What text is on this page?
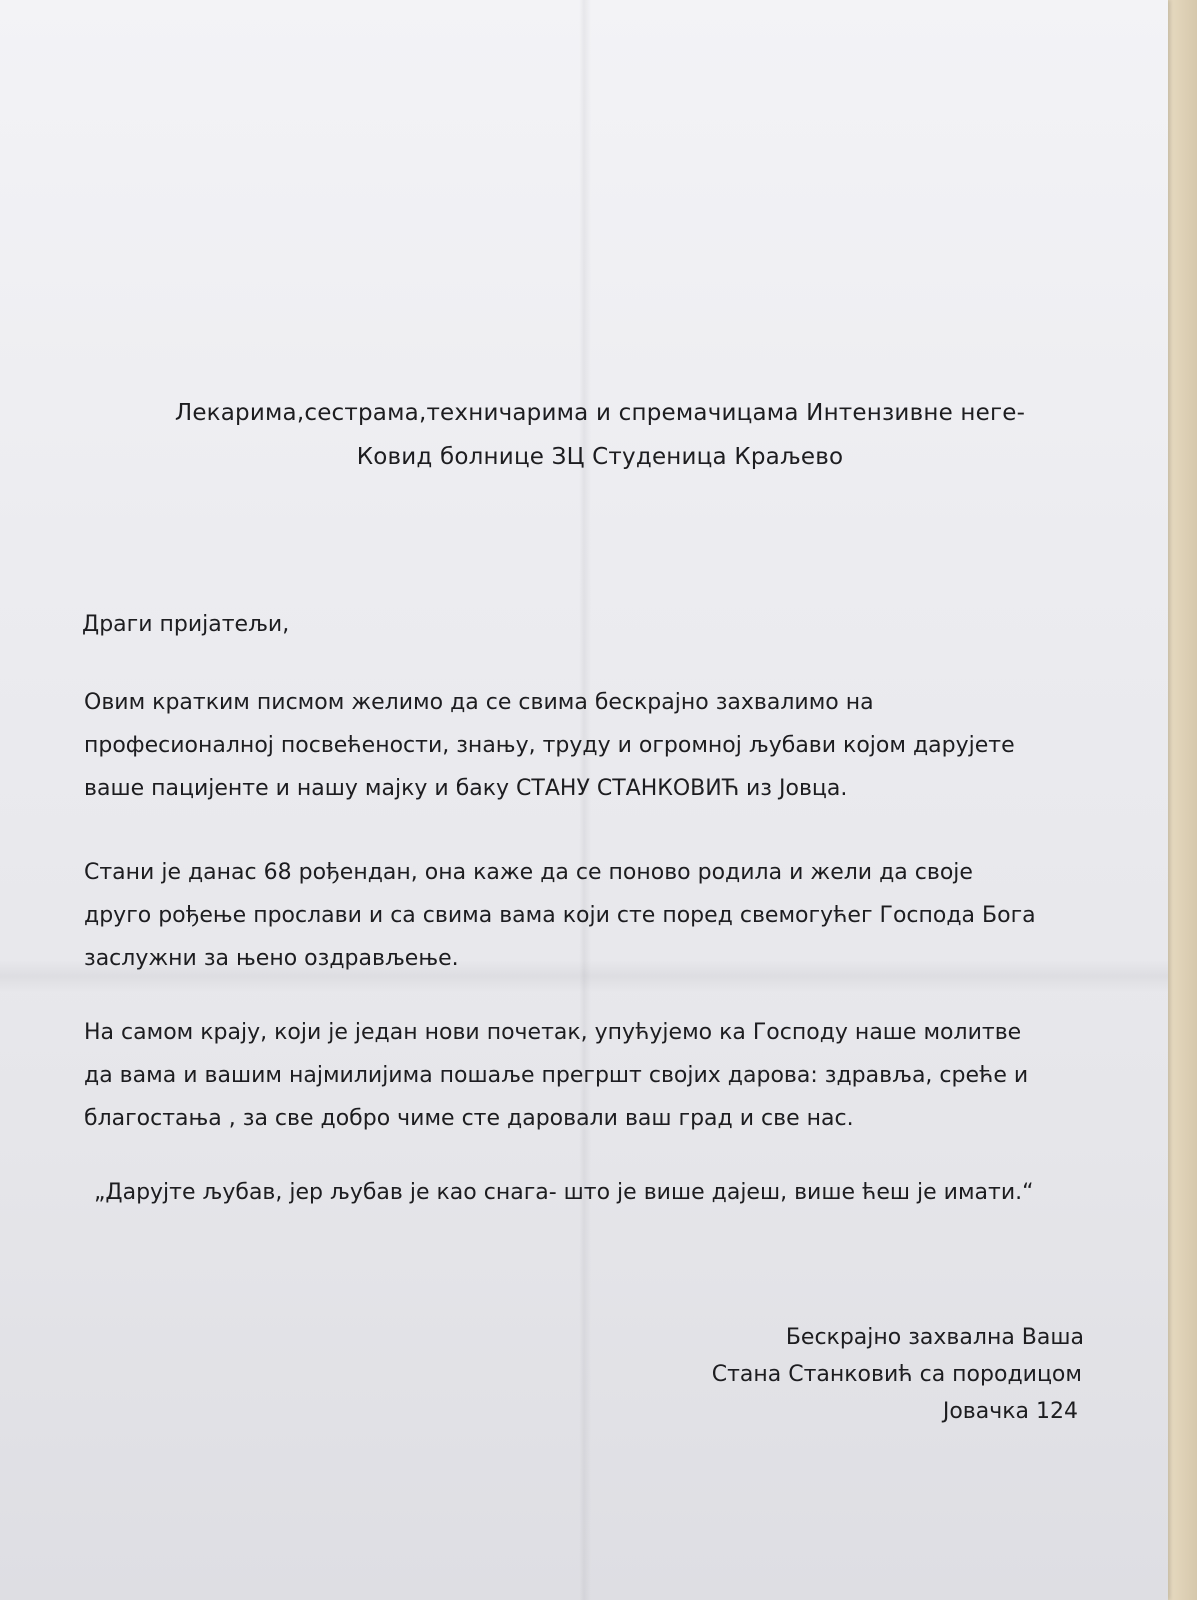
Лекарима,сестрама,техничарима и спремачицама Интензивне неге-
Ковид болнице ЗЦ Студеница Краљево
Драги пријатељи,

Овим кратким писмом желимо да се свима бескрајно захвалимо на

професионалној посвећености, знању, труду и огромној љубави којом дарујете

ваше пацијенте и нашу мајку и баку СТАНУ СТАНКОВИЋ из Јовца.

Стани је данас 68 рођендан, она каже да се поново родила и жели да своје

друго рођење прослави и са свима вама који сте поред свемогућег Господа Бога

заслужни за њено оздрављење.

На самом крају, који је један нови почетак, упућујемо ка Господу наше молитве

да вама и вашим најмилијима пошаље прегршт својих дарова: здравља, среће и

благостања , за све добро чиме сте даровали ваш град и све нас.

„Дарујте љубав, јер љубав је као снага- што је више дајеш, више ћеш је имати.“
Бескрајно захвална Ваша
Стана Станковић са породицом
Јовачка 124
